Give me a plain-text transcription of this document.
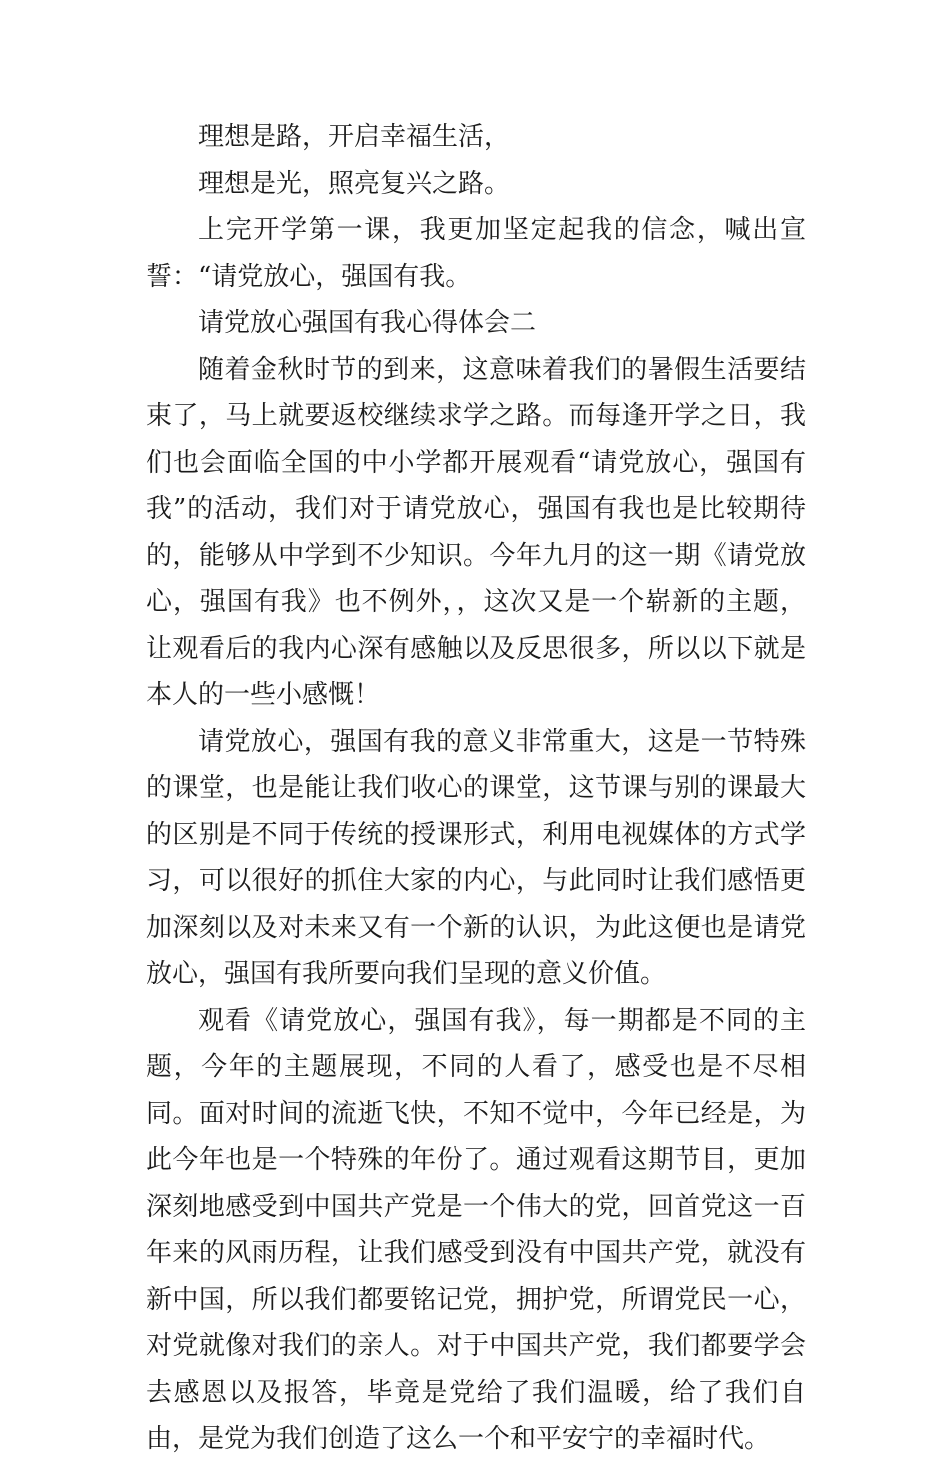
理想是路，开启幸福生活，

理想是光，照亮复兴之路。

上完开学第一课，我更加坚定起我的信念，喊出宣誓：“请党放心，强国有我。

请党放心强国有我心得体会二

随着金秋时节的到来，这意味着我们的暑假生活要结束了，马上就要返校继续求学之路。而每逢开学之日，我们也会面临全国的中小学都开展观看“请党放心，强国有我”的活动，我们对于请党放心，强国有我也是比较期待的，能够从中学到不少知识。今年九月的这一期《请党放心，强国有我》也不例外，，这次又是一个崭新的主题，让观看后的我内心深有感触以及反思很多，所以以下就是本人的一些小感慨！

请党放心，强国有我的意义非常重大，这是一节特殊的课堂，也是能让我们收心的课堂，这节课与别的课最大的区别是不同于传统的授课形式，利用电视媒体的方式学习，可以很好的抓住大家的内心，与此同时让我们感悟更加深刻以及对未来又有一个新的认识，为此这便也是请党放心，强国有我所要向我们呈现的意义价值。

观看《请党放心，强国有我》，每一期都是不同的主题，今年的主题展现，不同的人看了，感受也是不尽相同。面对时间的流逝飞快，不知不觉中，今年已经是，为此今年也是一个特殊的年份了。通过观看这期节目，更加深刻地感受到中国共产党是一个伟大的党，回首党这一百年来的风雨历程，让我们感受到没有中国共产党，就没有新中国，所以我们都要铭记党，拥护党，所谓党民一心，对党就像对我们的亲人。对于中国共产党，我们都要学会去感恩以及报答，毕竟是党给了我们温暖，给了我们自由，是党为我们创造了这么一个和平安宁的幸福时代。
